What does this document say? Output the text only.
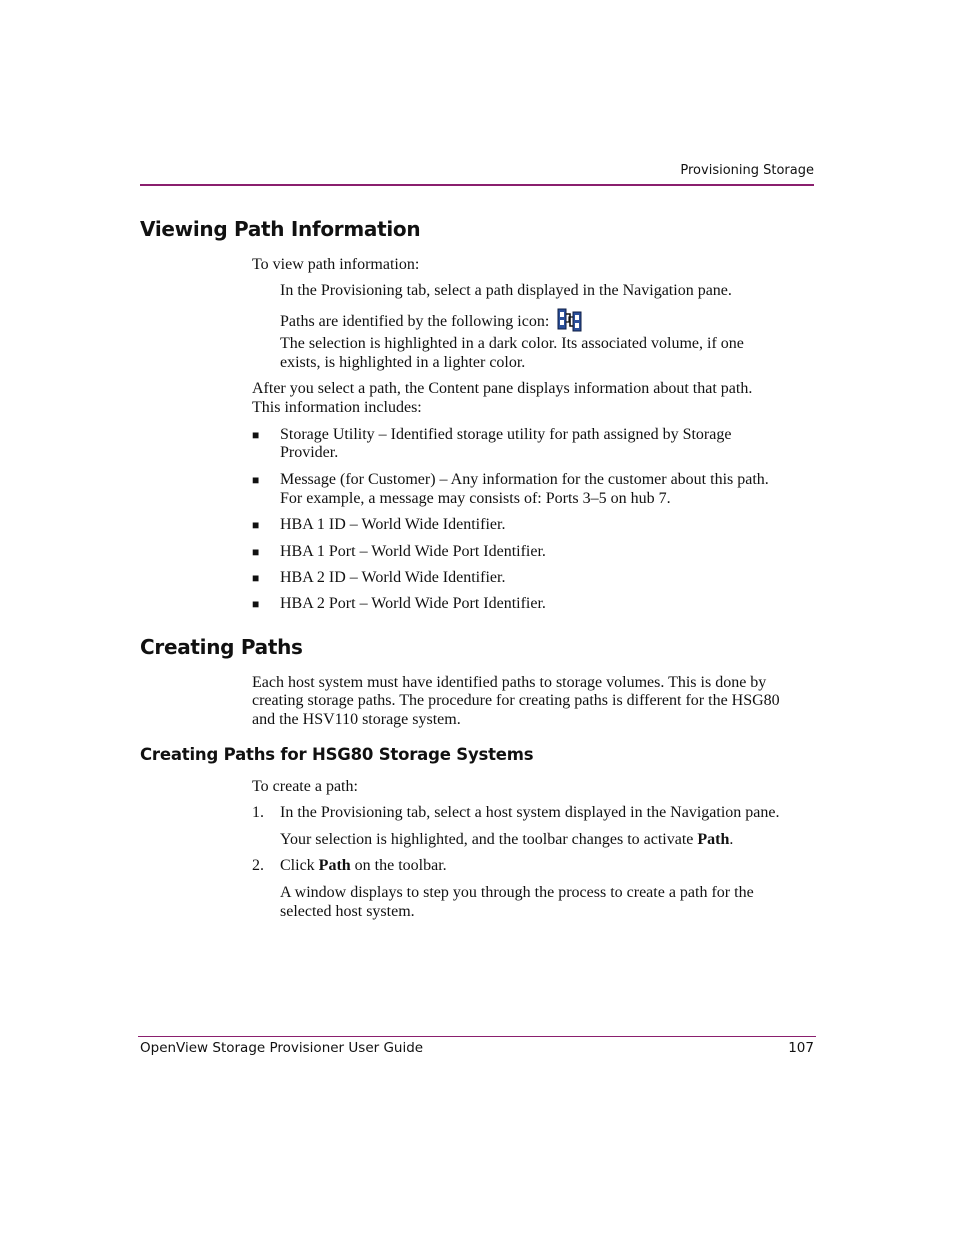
Provisioning Storage
Viewing Path Information
To view path information:
In the Provisioning tab, select a path displayed in the Navigation pane.
Paths are identified by the following icon:
The selection is highlighted in a dark color. Its associated volume, if one
exists, is highlighted in a lighter color.
After you select a path, the Content pane displays information about that path.
This information includes:
■ Storage Utility – Identified storage utility for path assigned by Storage
Provider.
■ Message (for Customer) – Any information for the customer about this path.
For example, a message may consists of: Ports 3–5 on hub 7.
■ HBA 1 ID – World Wide Identifier.
■ HBA 1 Port – World Wide Port Identifier.
■ HBA 2 ID – World Wide Identifier.
■ HBA 2 Port – World Wide Port Identifier.
Creating Paths
Each host system must have identified paths to storage volumes. This is done by
creating storage paths. The procedure for creating paths is different for the HSG80
and the HSV110 storage system.
Creating Paths for HSG80 Storage Systems
To create a path:
1. In the Provisioning tab, select a host system displayed in the Navigation pane.
Your selection is highlighted, and the toolbar changes to activate Path.
2. Click Path on the toolbar.
A window displays to step you through the process to create a path for the
selected host system.
OpenView Storage Provisioner User Guide	107
